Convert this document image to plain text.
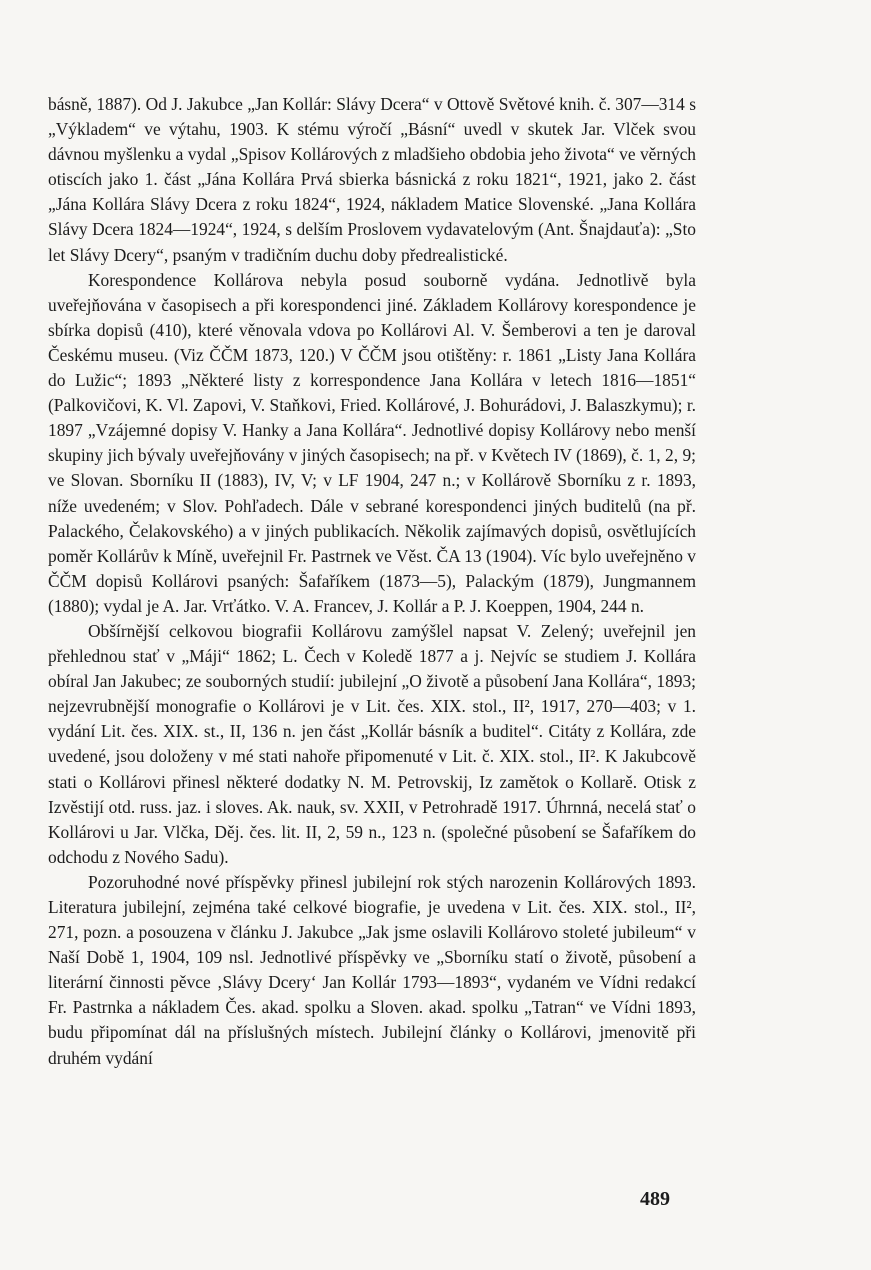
básně, 1887). Od J. Jakubce „Jan Kollár: Slávy Dcera“ v Ottově Světové knih. č. 307—314 s „Výkladem“ ve výtahu, 1903. K stému výročí „Básní“ uvedl v skutek Jar. Vlček svou dávnou myšlenku a vydal „Spisov Kollárových z mladšieho obdobia jeho života“ ve věrných otiscích jako 1. část „Jána Kollára Prvá sbierka básnická z roku 1821“, 1921, jako 2. část „Jána Kollára Slávy Dcera z roku 1824“, 1924, nákladem Matice Slovenské. „Jana Kollára Slávy Dcera 1824—1924“, 1924, s delším Proslovem vydavatelovým (Ant. Šnajdauťa): „Sto let Slávy Dcery“, psaným v tradičním duchu doby předrealistické.

Korespondence Kollárova nebyla posud souborně vydána. Jednotlivě byla uveřejňována v časopisech a při korespondenci jiné. Základem Kollárovy korespondence je sbírka dopisů (410), které věnovala vdova po Kollárovi Al. V. Šemberovi a ten je daroval Českému museu. (Viz ČČM 1873, 120.) V ČČM jsou otištěny: r. 1861 „Listy Jana Kollára do Lužic“; 1893 „Některé listy z korrespondence Jana Kollára v letech 1816—1851“ (Palkovičovi, K. Vl. Zapovi, V. Staňkovi, Fried. Kollárové, J. Bohurádovi, J. Balaszkymu); r. 1897 „Vzájemné dopisy V. Hanky a Jana Kollára“. Jednotlivé dopisy Kollárovy nebo menší skupiny jich bývaly uveřejňovány v jiných časopisech; na př. v Květech IV (1869), č. 1, 2, 9; ve Slovan. Sborníku II (1883), IV, V; v LF 1904, 247 n.; v Kollárově Sborníku z r. 1893, níže uvedeném; v Slov. Pohľadech. Dále v sebrané korespondenci jiných buditelů (na př. Palackého, Čelakovského) a v jiných publikacích. Několik zajímavých dopisů, osvětlujících poměr Kollárův k Míně, uveřejnil Fr. Pastrnek ve Věst. ČA 13 (1904). Víc bylo uveřejněno v ČČM dopisů Kollárovi psaných: Šafaříkem (1873—5), Palackým (1879), Jungmannem (1880); vydal je A. Jar. Vrťátko. V. A. Francev, J. Kollár a P. J. Koeppen, 1904, 244 n.

Obšírnější celkovou biografii Kollárovu zamýšlel napsat V. Zelený; uveřejnil jen přehlednou stať v „Máji“ 1862; L. Čech v Koledě 1877 a j. Nejvíc se studiem J. Kollára obíral Jan Jakubec; ze souborných studií: jubilejní „O životě a působení Jana Kollára“, 1893; nejzevrubnější monografie o Kollárovi je v Lit. čes. XIX. stol., II², 1917, 270—403; v 1. vydání Lit. čes. XIX. st., II, 136 n. jen část „Kollár básník a buditel“. Citáty z Kollára, zde uvedené, jsou doloženy v mé stati nahoře připomenuté v Lit. č. XIX. stol., II². K Jakubcově stati o Kollárovi přinesl některé dodatky N. M. Petrovskij, Iz zamětok o Kollarě. Otisk z Izvěstijí otd. russ. jaz. i sloves. Ak. nauk, sv. XXII, v Petrohradě 1917. Úhrnná, necelá stať o Kollárovi u Jar. Vlčka, Děj. čes. lit. II, 2, 59 n., 123 n. (společné působení se Šafaříkem do odchodu z Nového Sadu).

Pozoruhodné nové příspěvky přinesl jubilejní rok stých narozenin Kollárových 1893. Literatura jubilejní, zejména také celkové biografie, je uvedena v Lit. čes. XIX. stol., II², 271, pozn. a posouzena v článku J. Jakubce „Jak jsme oslavili Kollárovo stoleté jubileum“ v Naší Době 1, 1904, 109 nsl. Jednotlivé příspěvky ve „Sborníku statí o životě, působení a literární činnosti pěvce ‚Slávy Dcery‘ Jan Kollár 1793—1893“, vydaném ve Vídni redakcí Fr. Pastrnka a nákladem Čes. akad. spolku a Sloven. akad. spolku „Tatran“ ve Vídni 1893, budu připomínat dál na příslušných místech. Jubilejní články o Kollárovi, jmenovitě při druhém vydání

489
